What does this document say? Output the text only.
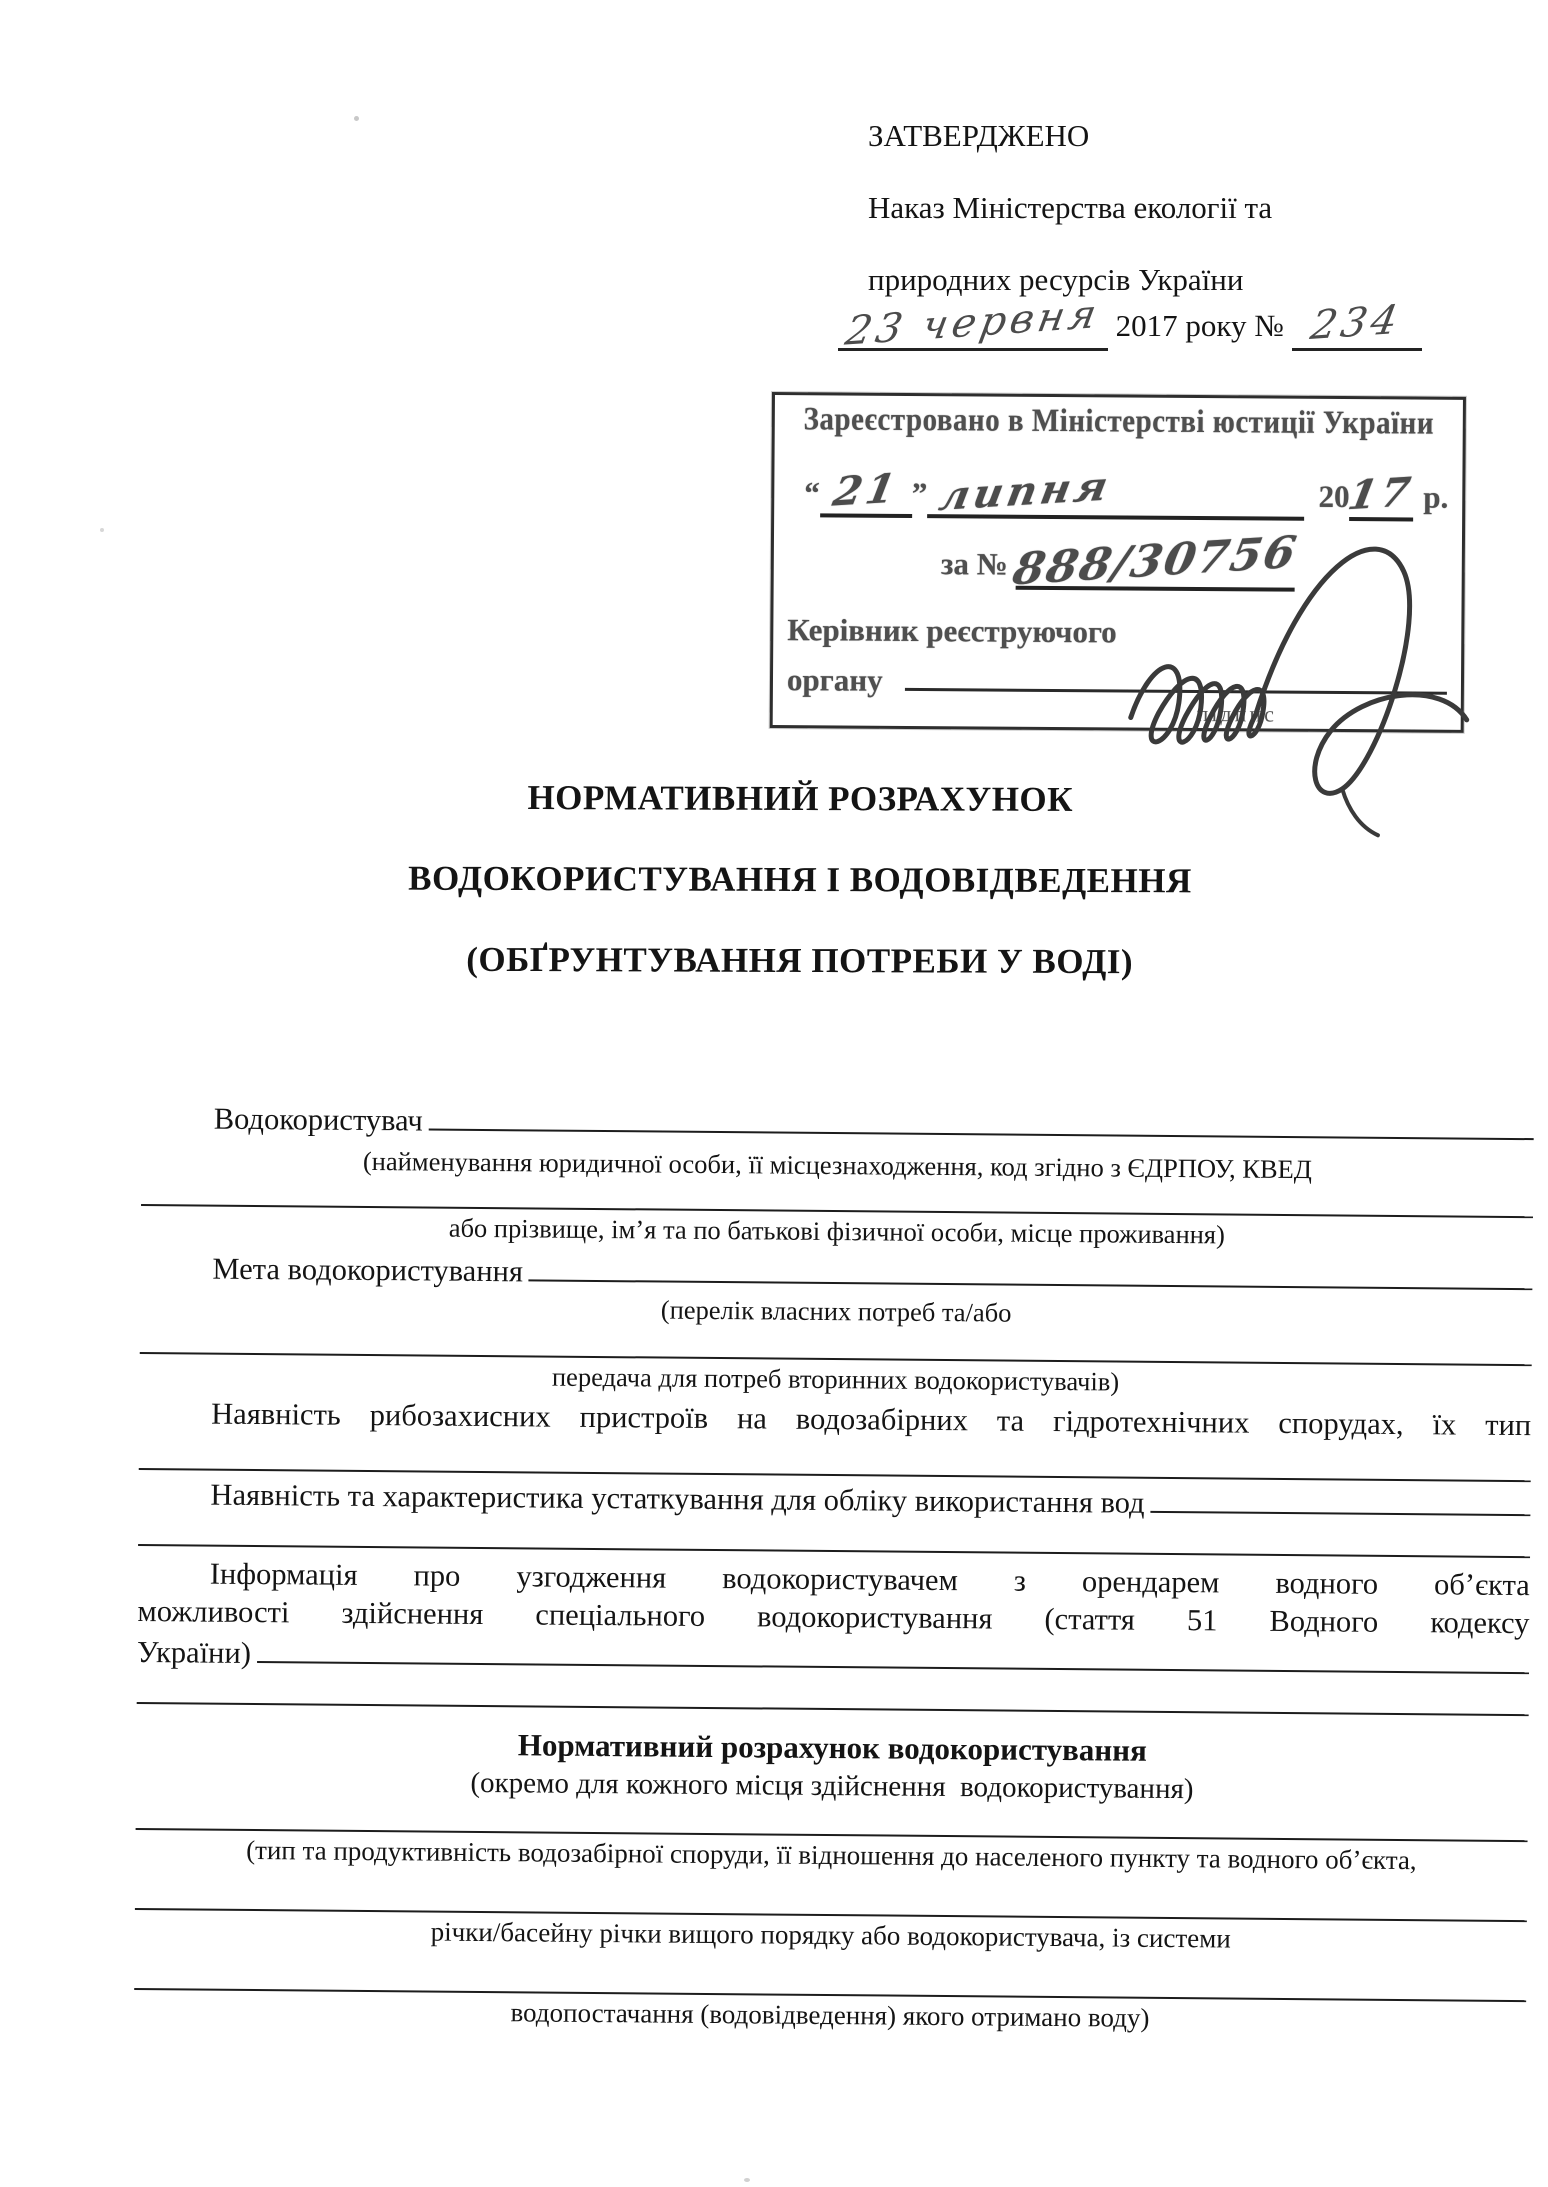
ЗАТВЕРДЖЕНО
Наказ Міністерства екології та
природних ресурсів України
23 червня 2017 року № 234
Зареєстровано в Міністерстві юстиції України
“ 21 ” липня	20
17 р.
за № 888/30756
Керівник реєструючого
органу
підпис
НОРМАТИВНИЙ РОЗРАХУНОК
ВОДОКОРИСТУВАННЯ І ВОДОВІДВЕДЕННЯ
(ОБҐРУНТУВАННЯ ПОТРЕБИ У ВОДІ)
Водокористувач
(найменування юридичної особи, її місцезнаходження, код згідно з ЄДРПОУ, КВЕД
або прізвище, ім’я та по батькові фізичної особи, місце проживання)
Мета водокористування
(перелік власних потреб та/або
передача для потреб вторинних водокористувачів)
Наявність рибозахисних пристроїв на водозабірних та гідротехнічних спорудах, їх тип
Наявність та характеристика устаткування для обліку використання вод
Інформація про узгодження водокористувачем з орендарем водного об’єкта
можливості здійснення спеціального водокористування (стаття 51 Водного кодексу
України)
Нормативний розрахунок водокористування
(окремо для кожного місця здійснення  водокористування)
(тип та продуктивність водозабірної споруди, її відношення до населеного пункту та водного об’єкта,
річки/басейну річки вищого порядку або водокористувача, із системи
водопостачання (водовідведення) якого отримано воду)
